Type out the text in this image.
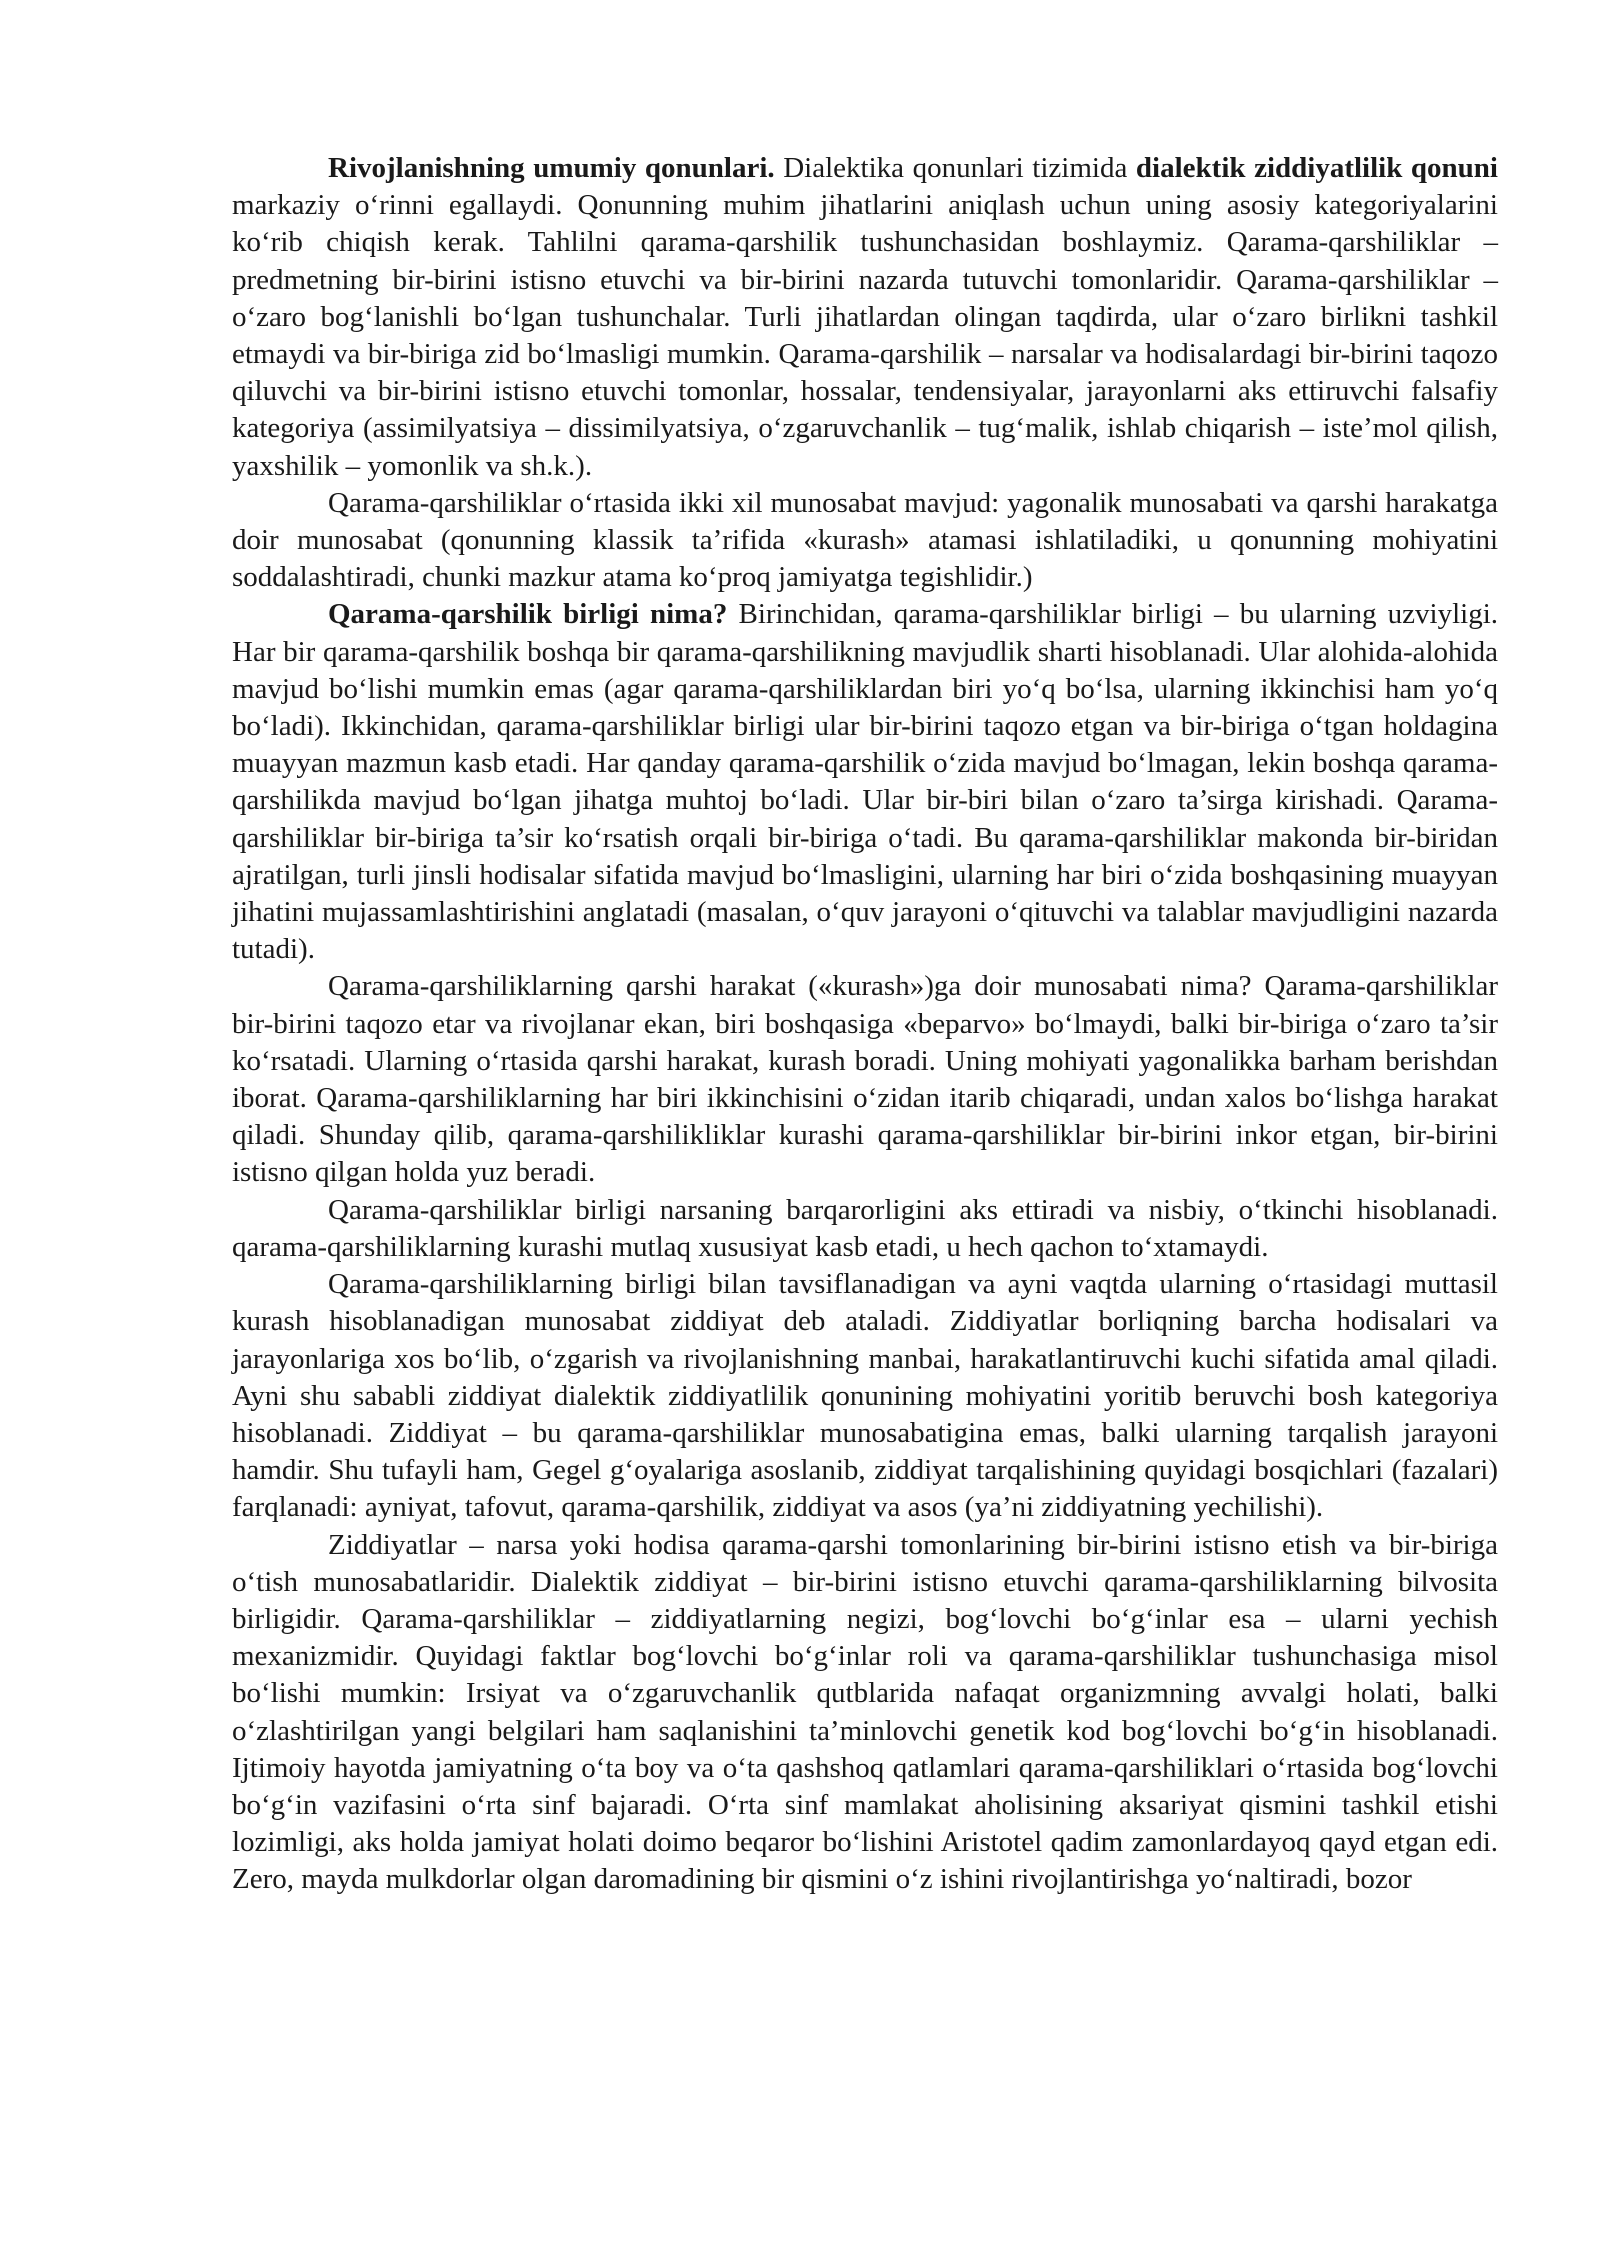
Rivojlanishning umumiy qonunlari. Dialektika qonunlari tizimida dialektik ziddiyatlilik qonuni markaziy o‘rinni egallaydi. Qonunning muhim jihatlarini aniqlash uchun uning asosiy kategoriyalarini ko‘rib chiqish kerak. Tahlilni qarama-qarshilik tushunchasidan boshlaymiz. Qarama-qarshiliklar – predmetning bir-birini istisno etuvchi va bir-birini nazarda tutuvchi tomonlaridir. Qarama-qarshiliklar – o‘zaro bog‘lanishli bo‘lgan tushunchalar. Turli jihatlardan olingan taqdirda, ular o‘zaro birlikni tashkil etmaydi va bir-biriga zid bo‘lmasligi mumkin. Qarama-qarshilik – narsalar va hodisalardagi bir-birini taqozo qiluvchi va bir-birini istisno etuvchi tomonlar, hossalar, tendensiyalar, jarayonlarni aks ettiruvchi falsafiy kategoriya (assimilyatsiya – dissimilyatsiya, o‘zgaruvchanlik – tug‘malik, ishlab chiqarish – iste’mol qilish, yaxshilik – yomonlik va sh.k.).

Qarama-qarshiliklar o‘rtasida ikki xil munosabat mavjud: yagonalik munosabati va qarshi harakatga doir munosabat (qonunning klassik ta’rifida «kurash» atamasi ishlatiladiki, u qonunning mohiyatini soddalashtiradi, chunki mazkur atama ko‘proq jamiyatga tegishlidir.)

Qarama-qarshilik birligi nima? Birinchidan, qarama-qarshiliklar birligi – bu ularning uzviyligi. Har bir qarama-qarshilik boshqa bir qarama-qarshilikning mavjudlik sharti hisoblanadi. Ular alohida-alohida mavjud bo‘lishi mumkin emas (agar qarama-qarshiliklardan biri yo‘q bo‘lsa, ularning ikkinchisi ham yo‘q bo‘ladi). Ikkinchidan, qarama-qarshiliklar birligi ular bir-birini taqozo etgan va bir-biriga o‘tgan holdagina muayyan mazmun kasb etadi. Har qanday qarama-qarshilik o‘zida mavjud bo‘lmagan, lekin boshqa qarama-qarshilikda mavjud bo‘lgan jihatga muhtoj bo‘ladi. Ular bir-biri bilan o‘zaro ta’sirga kirishadi. Qarama-qarshiliklar bir-biriga ta’sir ko‘rsatish orqali bir-biriga o‘tadi. Bu qarama-qarshiliklar makonda bir-biridan ajratilgan, turli jinsli hodisalar sifatida mavjud bo‘lmasligini, ularning har biri o‘zida boshqasining muayyan jihatini mujassamlashtirishini anglatadi (masalan, o‘quv jarayoni o‘qituvchi va talablar mavjudligini nazarda tutadi).

Qarama-qarshiliklarning qarshi harakat («kurash»)ga doir munosabati nima? Qarama-qarshiliklar bir-birini taqozo etar va rivojlanar ekan, biri boshqasiga «beparvo» bo‘lmaydi, balki bir-biriga o‘zaro ta’sir ko‘rsatadi. Ularning o‘rtasida qarshi harakat, kurash boradi. Uning mohiyati yagonalikka barham berishdan iborat. Qarama-qarshiliklarning har biri ikkinchisini o‘zidan itarib chiqaradi, undan xalos bo‘lishga harakat qiladi. Shunday qilib, qarama-qarshilikliklar kurashi qarama-qarshiliklar bir-birini inkor etgan, bir-birini istisno qilgan holda yuz beradi.

Qarama-qarshiliklar birligi narsaning barqarorligini aks ettiradi va nisbiy, o‘tkinchi hisoblanadi. qarama-qarshiliklarning kurashi mutlaq xususiyat kasb etadi, u hech qachon to‘xtamaydi.

Qarama-qarshiliklarning birligi bilan tavsiflanadigan va ayni vaqtda ularning o‘rtasidagi muttasil kurash hisoblanadigan munosabat ziddiyat deb ataladi. Ziddiyatlar borliqning barcha hodisalari va jarayonlariga xos bo‘lib, o‘zgarish va rivojlanishning manbai, harakatlantiruvchi kuchi sifatida amal qiladi. Ayni shu sababli ziddiyat dialektik ziddiyatlilik qonunining mohiyatini yoritib beruvchi bosh kategoriya hisoblanadi. Ziddiyat – bu qarama-qarshiliklar munosabatigina emas, balki ularning tarqalish jarayoni hamdir. Shu tufayli ham, Gegel g‘oyalariga asoslanib, ziddiyat tarqalishining quyidagi bosqichlari (fazalari) farqlanadi: ayniyat, tafovut, qarama-qarshilik, ziddiyat va asos (ya’ni ziddiyatning yechilishi).

Ziddiyatlar – narsa yoki hodisa qarama-qarshi tomonlarining bir-birini istisno etish va bir-biriga o‘tish munosabatlaridir. Dialektik ziddiyat – bir-birini istisno etuvchi qarama-qarshiliklarning bilvosita birligidir. Qarama-qarshiliklar – ziddiyatlarning negizi, bog‘lovchi bo‘g‘inlar esa – ularni yechish mexanizmidir. Quyidagi faktlar bog‘lovchi bo‘g‘inlar roli va qarama-qarshiliklar tushunchasiga misol bo‘lishi mumkin: Irsiyat va o‘zgaruvchanlik qutblarida nafaqat organizmning avvalgi holati, balki o‘zlashtirilgan yangi belgilari ham saqlanishini ta’minlovchi genetik kod bog‘lovchi bo‘g‘in hisoblanadi. Ijtimoiy hayotda jamiyatning o‘ta boy va o‘ta qashshoq qatlamlari qarama-qarshiliklari o‘rtasida bog‘lovchi bo‘g‘in vazifasini o‘rta sinf bajaradi. O‘rta sinf mamlakat aholisining aksariyat qismini tashkil etishi lozimligi, aks holda jamiyat holati doimo beqaror bo‘lishini Aristotel qadim zamonlardayoq qayd etgan edi. Zero, mayda mulkdorlar olgan daromadining bir qismini o‘z ishini rivojlantirishga yo‘naltiradi, bozor
